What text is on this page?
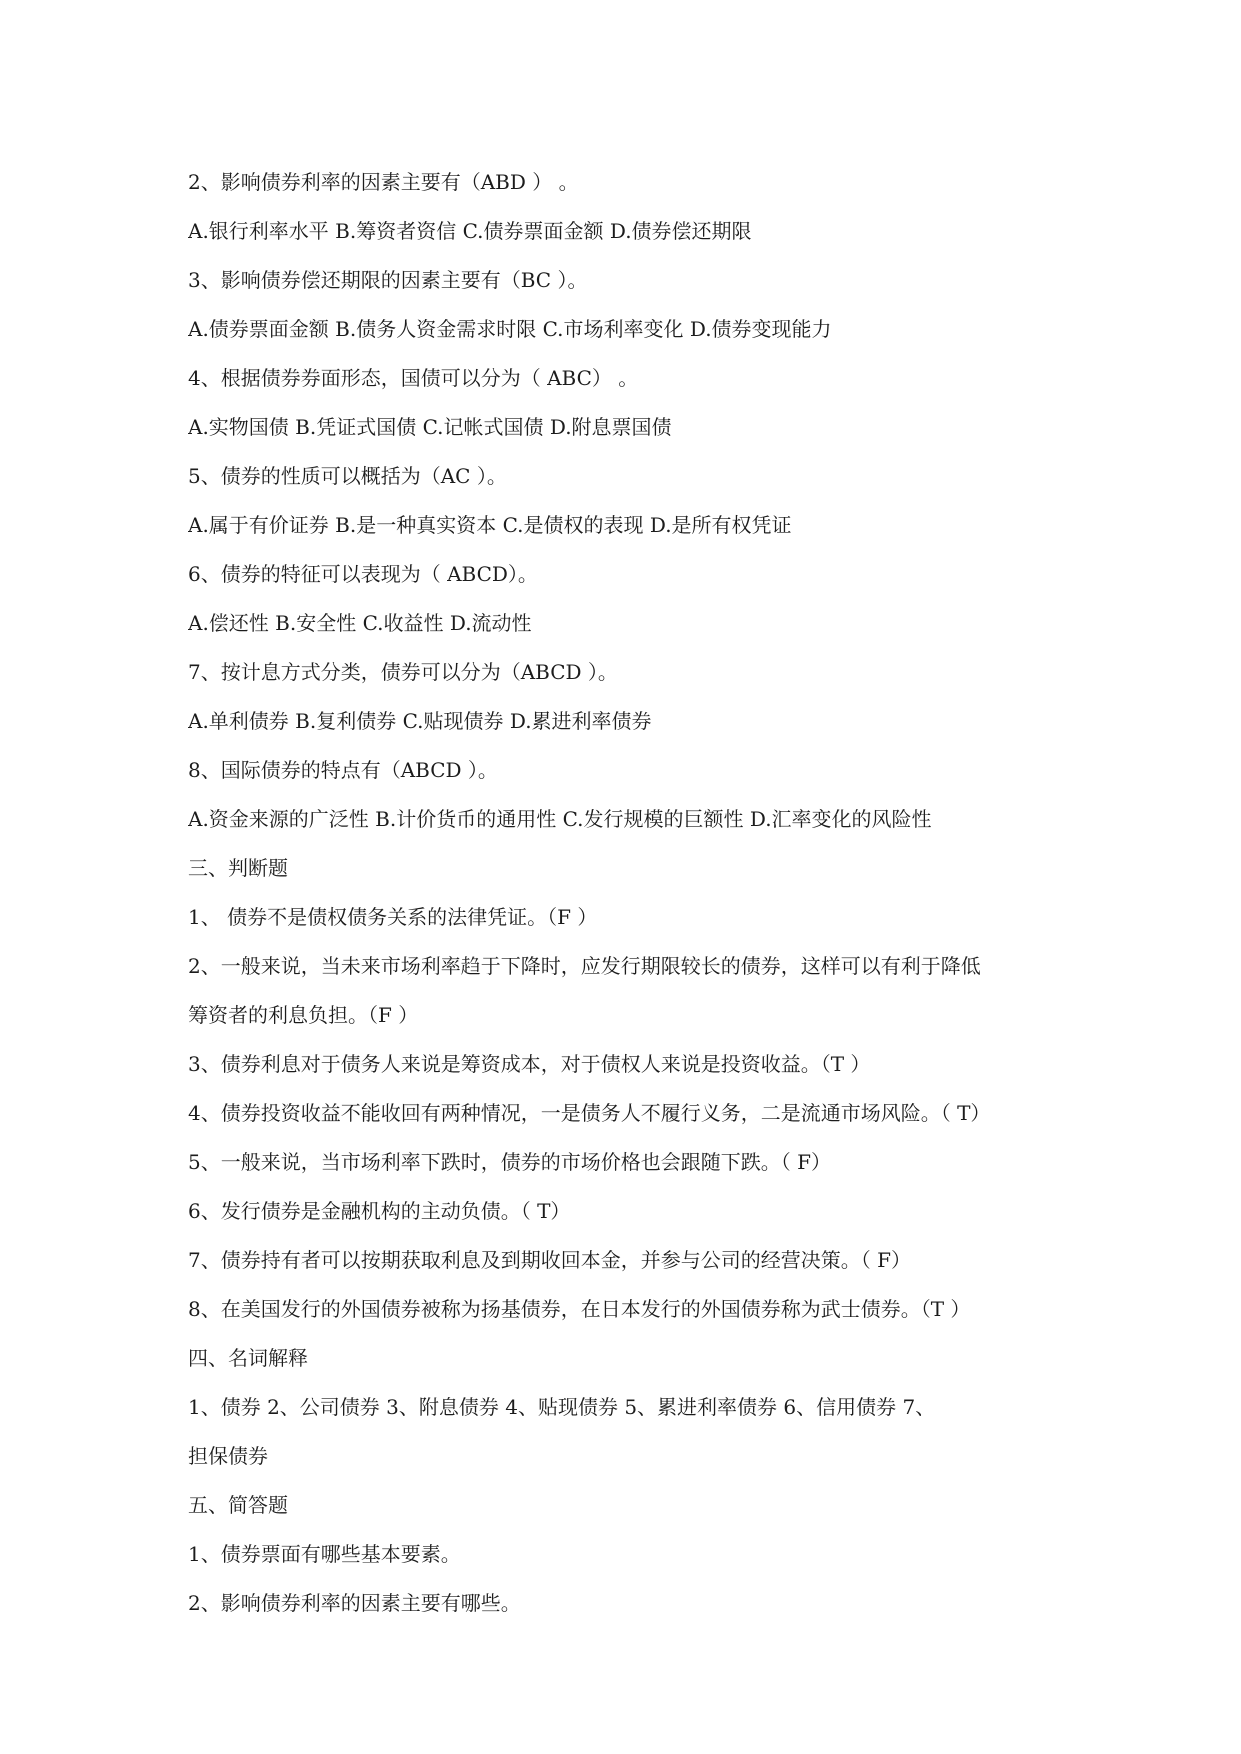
2、影响债券利率的因素主要有（ABD ） 。
A.银行利率水平 B.筹资者资信 C.债券票面金额 D.债券偿还期限
3、影响债券偿还期限的因素主要有（BC ）。
A.债券票面金额 B.债务人资金需求时限 C.市场利率变化 D.债券变现能力
4、根据债券券面形态，国债可以分为（ ABC） 。
A.实物国债 B.凭证式国债 C.记帐式国债 D.附息票国债
5、债券的性质可以概括为（AC ）。
A.属于有价证券 B.是一种真实资本 C.是债权的表现 D.是所有权凭证
6、债券的特征可以表现为（ ABCD）。
A.偿还性 B.安全性 C.收益性 D.流动性
7、按计息方式分类，债券可以分为（ABCD ）。
A.单利债券 B.复利债券 C.贴现债券 D.累进利率债券
8、国际债券的特点有（ABCD ）。
A.资金来源的广泛性 B.计价货币的通用性 C.发行规模的巨额性 D.汇率变化的风险性
三、判断题
1、 债券不是债权债务关系的法律凭证。（F ）
2、一般来说，当未来市场利率趋于下降时，应发行期限较长的债券，这样可以有利于降低
筹资者的利息负担。（F ）
3、债券利息对于债务人来说是筹资成本，对于债权人来说是投资收益。（T ）
4、债券投资收益不能收回有两种情况，一是债务人不履行义务，二是流通市场风险。（ T）
5、一般来说，当市场利率下跌时，债券的市场价格也会跟随下跌。（ F）
6、发行债券是金融机构的主动负债。（ T）
7、债券持有者可以按期获取利息及到期收回本金，并参与公司的经营决策。（ F）
8、在美国发行的外国债券被称为扬基债券，在日本发行的外国债券称为武士债券。（T ）
四、名词解释
1、债券 2、公司债券 3、附息债券 4、贴现债券 5、累进利率债券 6、信用债券 7、
担保债券
五、简答题
1、债券票面有哪些基本要素。
2、影响债券利率的因素主要有哪些。
